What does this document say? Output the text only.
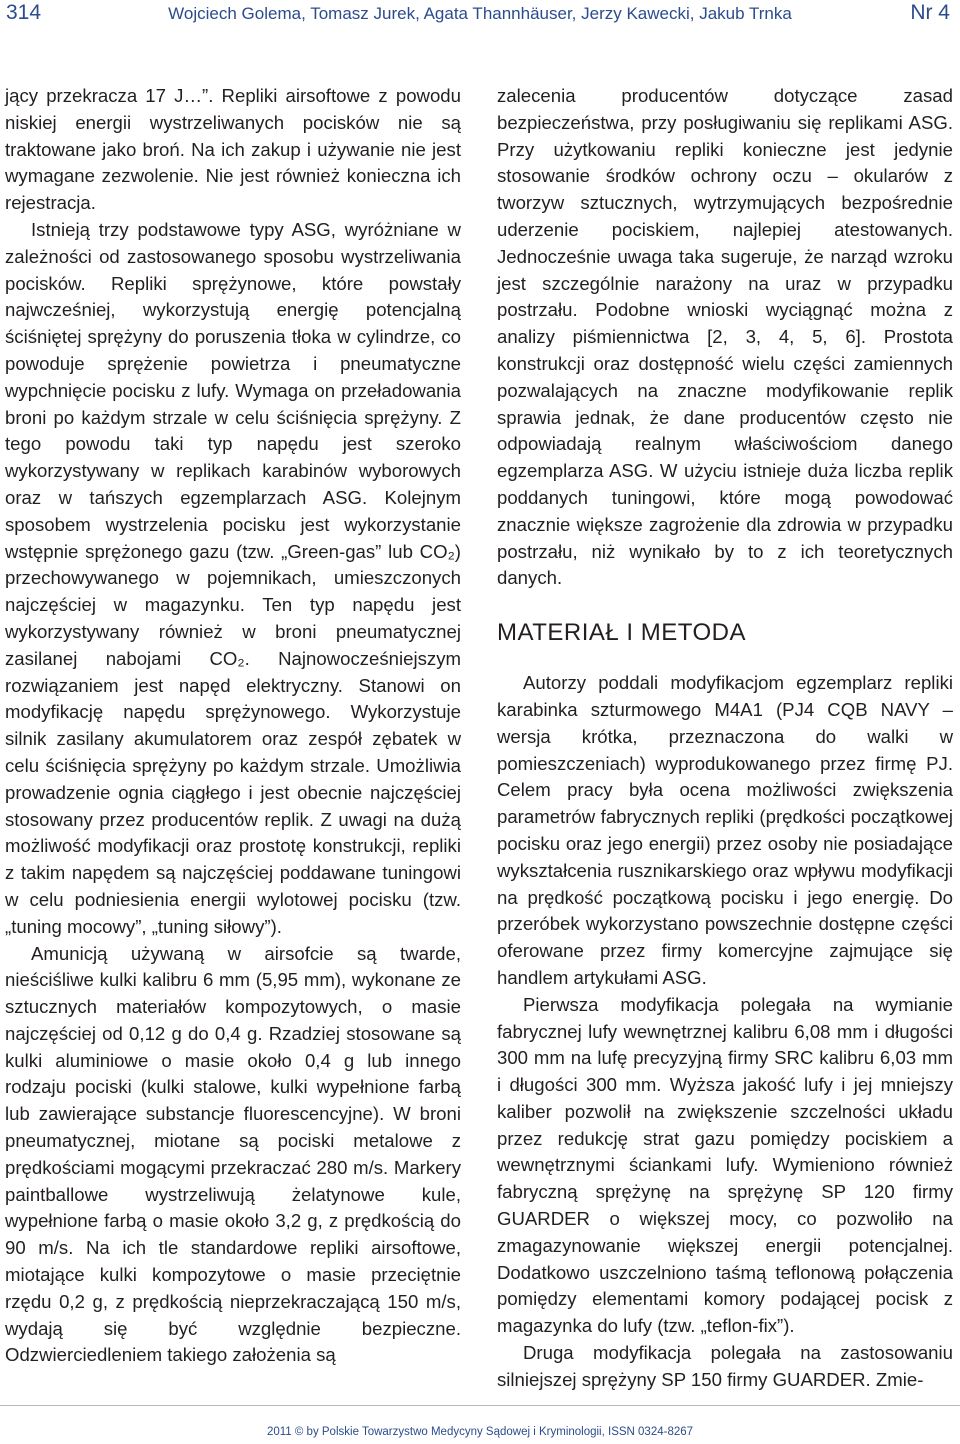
314	Wojciech Golema, Tomasz Jurek, Agata Thannhäuser, Jerzy Kawecki, Jakub Trnka	Nr 4

jący przekracza 17 J…”. Repliki airsoftowe z powodu niskiej energii wystrzeliwanych pocisków nie są traktowane jako broń. Na ich zakup i używanie nie jest wymagane zezwolenie. Nie jest również konieczna ich rejestracja.

Istnieją trzy podstawowe typy ASG, wyróżniane w zależności od zastosowanego sposobu wystrzeliwania pocisków. Repliki sprężynowe, które powstały najwcześniej, wykorzystują energię potencjalną ściśniętej sprężyny do poruszenia tłoka w cylindrze, co powoduje sprężenie powietrza i pneumatyczne wypchnięcie pocisku z lufy. Wymaga on przeładowania broni po każdym strzale w celu ściśnięcia sprężyny. Z tego powodu taki typ napędu jest szeroko wykorzystywany w replikach karabinów wyborowych oraz w tańszych egzemplarzach ASG. Kolejnym sposobem wystrzelenia pocisku jest wykorzystanie wstępnie sprężonego gazu (tzw. „Green-gas” lub CO₂) przechowywanego w pojemnikach, umieszczonych najczęściej w magazynku. Ten typ napędu jest wykorzystywany również w broni pneumatycznej zasilanej nabojami CO₂. Najnowocześniejszym rozwiązaniem jest napęd elektryczny. Stanowi on modyfikację napędu sprężynowego. Wykorzystuje silnik zasilany akumulatorem oraz zespół zębatek w celu ściśnięcia sprężyny po każdym strzale. Umożliwia prowadzenie ognia ciągłego i jest obecnie najczęściej stosowany przez producentów replik. Z uwagi na dużą możliwość modyfikacji oraz prostotę konstrukcji, repliki z takim napędem są najczęściej poddawane tuningowi w celu podniesienia energii wylotowej pocisku (tzw. „tuning mocowy”, „tuning siłowy”).

Amunicją używaną w airsofcie są twarde, nieściśliwe kulki kalibru 6 mm (5,95 mm), wykonane ze sztucznych materiałów kompozytowych, o masie najczęściej od 0,12 g do 0,4 g. Rzadziej stosowane są kulki aluminiowe o masie około 0,4 g lub innego rodzaju pociski (kulki stalowe, kulki wypełnione farbą lub zawierające substancje fluorescencyjne). W broni pneumatycznej, miotane są pociski metalowe z prędkościami mogącymi przekraczać 280 m/s. Markery paintballowe wystrzeliwują żelatynowe kule, wypełnione farbą o masie około 3,2 g, z prędkością do 90 m/s. Na ich tle standardowe repliki airsoftowe, miotające kulki kompozytowe o masie przeciętnie rzędu 0,2 g, z prędkością nieprzekraczającą 150 m/s, wydają się być względnie bezpieczne. Odzwierciedleniem takiego założenia są

zalecenia producentów dotyczące zasad bezpieczeństwa, przy posługiwaniu się replikami ASG. Przy użytkowaniu repliki konieczne jest jedynie stosowanie środków ochrony oczu – okularów z tworzyw sztucznych, wytrzymujących bezpośrednie uderzenie pociskiem, najlepiej atestowanych. Jednocześnie uwaga taka sugeruje, że narząd wzroku jest szczególnie narażony na uraz w przypadku postrzału. Podobne wnioski wyciągnąć można z analizy piśmiennictwa [2, 3, 4, 5, 6]. Prostota konstrukcji oraz dostępność wielu części zamiennych pozwalających na znaczne modyfikowanie replik sprawia jednak, że dane producentów często nie odpowiadają realnym właściwościom danego egzemplarza ASG. W użyciu istnieje duża liczba replik poddanych tuningowi, które mogą powodować znacznie większe zagrożenie dla zdrowia w przypadku postrzału, niż wynikało by to z ich teoretycznych danych.

MATERIAŁ I METODA

Autorzy poddali modyfikacjom egzemplarz repliki karabinka szturmowego M4A1 (PJ4 CQB NAVY – wersja krótka, przeznaczona do walki w pomieszczeniach) wyprodukowanego przez firmę PJ. Celem pracy była ocena możliwości zwiększenia parametrów fabrycznych repliki (prędkości początkowej pocisku oraz jego energii) przez osoby nie posiadające wykształcenia rusznikarskiego oraz wpływu modyfikacji na prędkość początkową pocisku i jego energię. Do przeróbek wykorzystano powszechnie dostępne części oferowane przez firmy komercyjne zajmujące się handlem artykułami ASG.

Pierwsza modyfikacja polegała na wymianie fabrycznej lufy wewnętrznej kalibru 6,08 mm i długości 300 mm na lufę precyzyjną firmy SRC kalibru 6,03 mm i długości 300 mm. Wyższa jakość lufy i jej mniejszy kaliber pozwolił na zwiększenie szczelności układu przez redukcję strat gazu pomiędzy pociskiem a wewnętrznymi ściankami lufy. Wymieniono również fabryczną sprężynę na sprężynę SP 120 firmy GUARDER o większej mocy, co pozwoliło na zmagazynowanie większej energii potencjalnej. Dodatkowo uszczelniono taśmą teflonową połączenia pomiędzy elementami komory podającej pocisk z magazynka do lufy (tzw. „teflon-fix”).

Druga modyfikacja polegała na zastosowaniu silniejszej sprężyny SP 150 firmy GUARDER. Zmie-

2011 © by Polskie Towarzystwo Medycyny Sądowej i Kryminologii, ISSN 0324-8267
